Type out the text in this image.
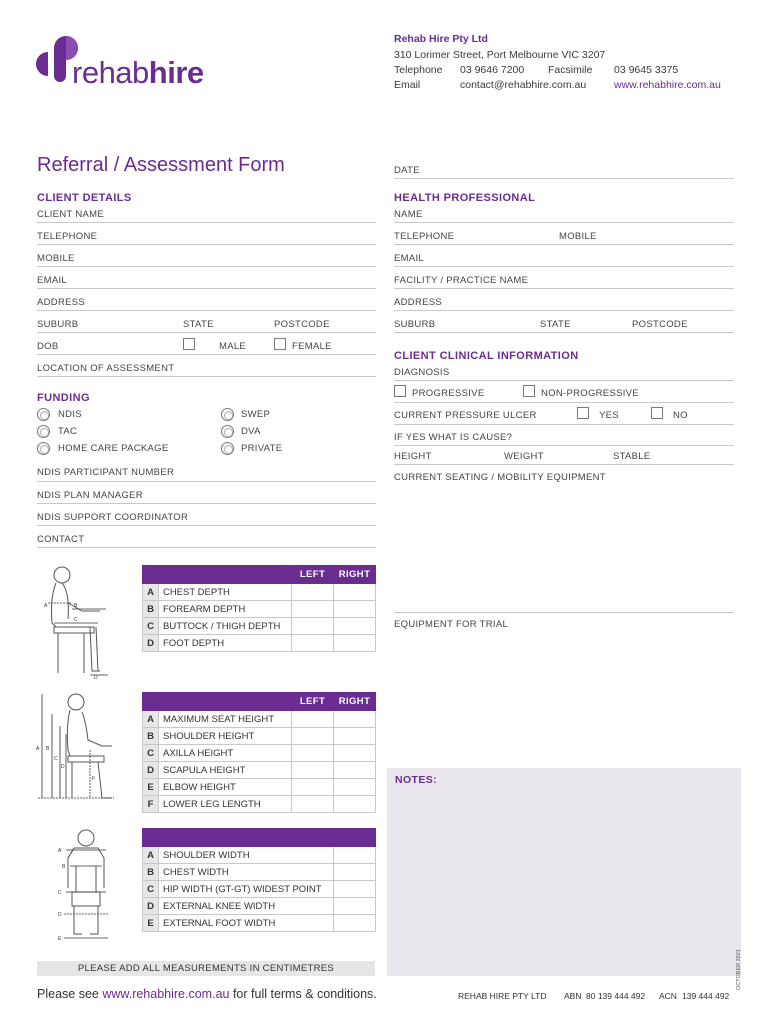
rehabhire
Rehab Hire Pty Ltd
310 Lorimer Street, Port Melbourne VIC 3207
Telephone 03 9646 7200 Facsimile 03 9645 3375
Email	contact@rehabhire.com.au	www.rehabhire.com.au
Referral / Assessment Form	DATE
CLIENT DETAILS
CLIENT NAME
TELEPHONE
MOBILE
EMAIL
ADDRESS
SUBURB	STATE	POSTCODE
DOB	MALE	FEMALE
LOCATION OF ASSESSMENT
FUNDING
NDIS
TAC
HOME CARE PACKAGE
SWEP
DVA
PRIVATE
NDIS PARTICIPANT NUMBER
NDIS PLAN MANAGER
NDIS SUPPORT COORDINATOR
CONTACT
HEALTH PROFESSIONAL
NAME
TELEPHONE	MOBILE
EMAIL
FACILITY / PRACTICE NAME
ADDRESS
SUBURB	STATE	POSTCODE
CLIENT CLINICAL INFORMATION
DIAGNOSIS
PROGRESSIVE	NON-PROGRESSIVE
CURRENT PRESSURE ULCER	YES	NO
IF YES WHAT IS CAUSE?
HEIGHT	WEIGHT	STABLE
CURRENT SEATING / MOBILITY EQUIPMENT
EQUIPMENT FOR TRIAL
A	B
C
D
A B
C
D
F
A
B
C
D
E
		LEFT	RIGHT
A	CHEST DEPTH		
B	FOREARM DEPTH		
C	BUTTOCK / THIGH DEPTH		
D	FOOT DEPTH		
		LEFT	RIGHT
A	MAXIMUM SEAT HEIGHT		
B	SHOULDER HEIGHT		
C	AXILLA HEIGHT		
D	SCAPULA HEIGHT		
E	ELBOW HEIGHT		
F	LOWER LEG LENGTH		

A	SHOULDER WIDTH	
B	CHEST WIDTH	
C	HIP WIDTH (GT-GT) WIDEST POINT	
D	EXTERNAL KNEE WIDTH	
E	EXTERNAL FOOT WIDTH	
NOTES:
PLEASE ADD ALL MEASUREMENTS IN CENTIMETRES
Please see www.rehabhire.com.au for full terms & conditions.	REHAB HIRE PTY LTD ABN 80 139 444 492 ACN 139 444 492
OCTOBER 2021
